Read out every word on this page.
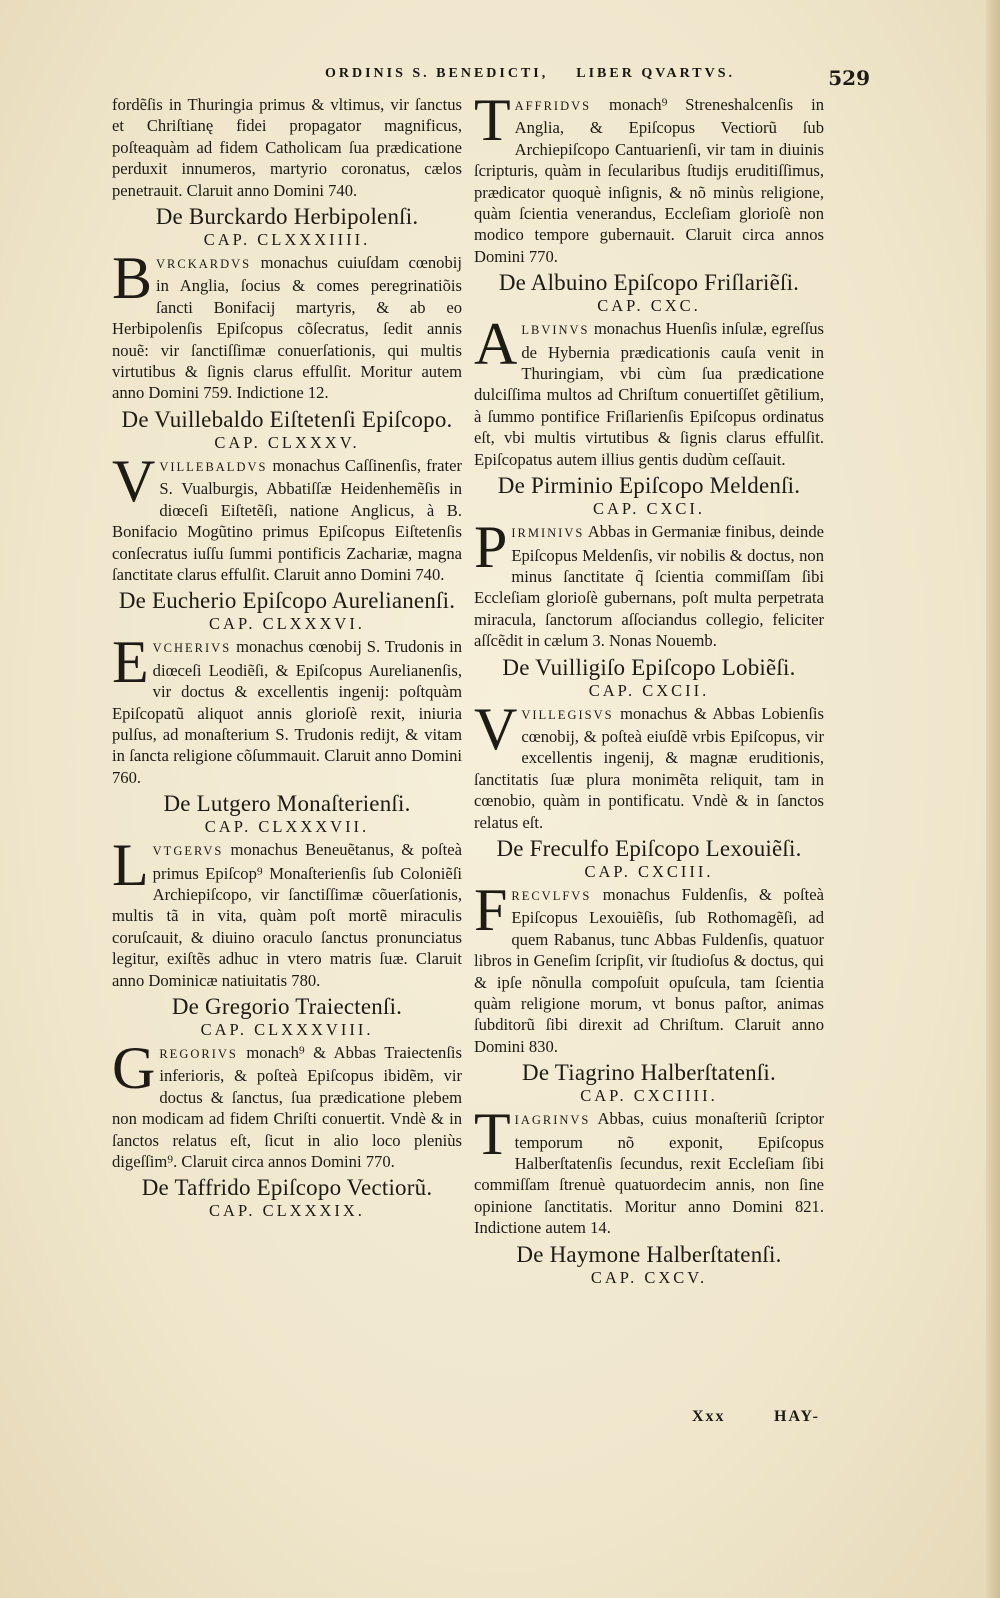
ORDINIS S. BENEDICTI, LIBER QVARTVS.	529

fordẽſis in Thuringia primus & vltimus, vir ſanctus et Chriſtianę fidei propagator magnificus, poſteaquàm ad fidem Catholicam ſua prædicatione perduxit innumeros, martyrio coronatus, cælos penetrauit. Claruit anno Domini 740.

De Burckardo Herbipolenſi.
CAP. CLXXXIIII.

BVRCKARDVS monachus cuiuſdam cœnobij in Anglia, ſocius & comes peregrinatiõis ſancti Bonifacij martyris, & ab eo Herbipolenſis Epiſcopus cõſecratus, ſedit annis nouẽ: vir ſanctiſſimæ conuerſationis, qui multis virtutibus & ſignis clarus effulſit. Moritur autem anno Domini 759. Indictione 12.

De Vuillebaldo Eiſtetenſi Epiſcopo.
CAP. CLXXXV.

VVILLEBALDVS monachus Caſſinenſis, frater S. Vualburgis, Abbatiſſæ Heidenhemẽſis in diœceſi Eiſtetẽſi, natione Anglicus, à B. Bonifacio Mogũtino primus Epiſcopus Eiſtetenſis conſecratus iuſſu ſummi pontificis Zachariæ, magna ſanctitate clarus effulſit. Claruit anno Domini 740.

De Eucherio Epiſcopo Aurelianenſi.
CAP. CLXXXVI.

EVCHERIVS monachus cœnobij S. Trudonis in diœceſi Leodiẽſi, & Epiſcopus Aurelianenſis, vir doctus & excellentis ingenij: poſtquàm Epiſcopatũ aliquot annis glorioſè rexit, iniuria pulſus, ad monaſterium S. Trudonis redijt, & vitam in ſancta religione cõſummauit. Claruit anno Domini 760.

De Lutgero Monaſterienſi.
CAP. CLXXXVII.

LVTGERVS monachus Beneuẽtanus, & poſteà primus Epiſcop⁹ Monaſterienſis ſub Coloniẽſi Archiepiſcopo, vir ſanctiſſimæ cõuerſationis, multis tã in vita, quàm poſt mortẽ miraculis coruſcauit, & diuino oraculo ſanctus pronunciatus legitur, exiſtẽs adhuc in vtero matris ſuæ. Claruit anno Dominicæ natiuitatis 780.

De Gregorio Traiectenſi.
CAP. CLXXXVIII.

GREGORIVS monach⁹ & Abbas Traiectenſis inferioris, & poſteà Epiſcopus ibidẽm, vir doctus & ſanctus, ſua prædicatione plebem non modicam ad fidem Chriſti conuertit. Vndè & in ſanctos relatus eſt, ſicut in alio loco pleniùs digeſſim⁹. Claruit circa annos Domini 770.

De Taffrido Epiſcopo Vectiorũ.
CAP. CLXXXIX.

TAFFRIDVS monach⁹ Streneshalcenſis in Anglia, & Epiſcopus Vectiorũ ſub Archiepiſcopo Cantuarienſi, vir tam in diuinis ſcripturis, quàm in ſecularibus ſtudijs eruditiſſimus, prædicator quoquè inſignis, & nõ minùs religione, quàm ſcientia venerandus, Eccleſiam glorioſè non modico tempore gubernauit. Claruit circa annos Domini 770.

De Albuino Epiſcopo Friſlariẽſi.
CAP. CXC.

ALBVINVS monachus Huenſis inſulæ, egreſſus de Hybernia prædicationis cauſa venit in Thuringiam, vbi cùm ſua prædicatione dulciſſima multos ad Chriſtum conuertiſſet gẽtilium, à ſummo pontifice Friſlarienſis Epiſcopus ordinatus eſt, vbi multis virtutibus & ſignis clarus effulſit. Epiſcopatus autem illius gentis dudùm ceſſauit.

De Pirminio Epiſcopo Meldenſi.
CAP. CXCI.

PIRMINIVS Abbas in Germaniæ finibus, deinde Epiſcopus Meldenſis, vir nobilis & doctus, non minus ſanctitate q̃ ſcientia commiſſam ſibi Eccleſiam glorioſè gubernans, poſt multa perpetrata miracula, ſanctorum aſſociandus collegio, feliciter aſſcẽdit in cælum 3. Nonas Nouemb.

De Vuilligiſo Epiſcopo Lobiẽſi.
CAP. CXCII.

VVILLEGISVS monachus & Abbas Lobienſis cœnobij, & poſteà eiuſdẽ vrbis Epiſcopus, vir excellentis ingenij, & magnæ eruditionis, ſanctitatis ſuæ plura monimẽta reliquit, tam in cœnobio, quàm in pontificatu. Vndè & in ſanctos relatus eſt.

De Freculfo Epiſcopo Lexouiẽſi.
CAP. CXCIII.

FRECVLFVS monachus Fuldenſis, & poſteà Epiſcopus Lexouiẽſis, ſub Rothomagẽſi, ad quem Rabanus, tunc Abbas Fuldenſis, quatuor libros in Geneſim ſcripſit, vir ſtudioſus & doctus, qui & ipſe nõnulla compoſuit opuſcula, tam ſcientia quàm religione morum, vt bonus paſtor, animas ſubditorũ ſibi direxit ad Chriſtum. Claruit anno Domini 830.

De Tiagrino Halberſtatenſi.
CAP. CXCIIII.

TIAGRINVS Abbas, cuius monaſteriũ ſcriptor temporum nõ exponit, Epiſcopus Halberſtatenſis ſecundus, rexit Eccleſiam ſibi commiſſam ſtrenuè quatuordecim annis, non ſine opinione ſanctitatis. Moritur anno Domini 821. Indictione autem 14.

De Haymone Halberſtatenſi.
CAP. CXCV.
Xxx	HAY-
